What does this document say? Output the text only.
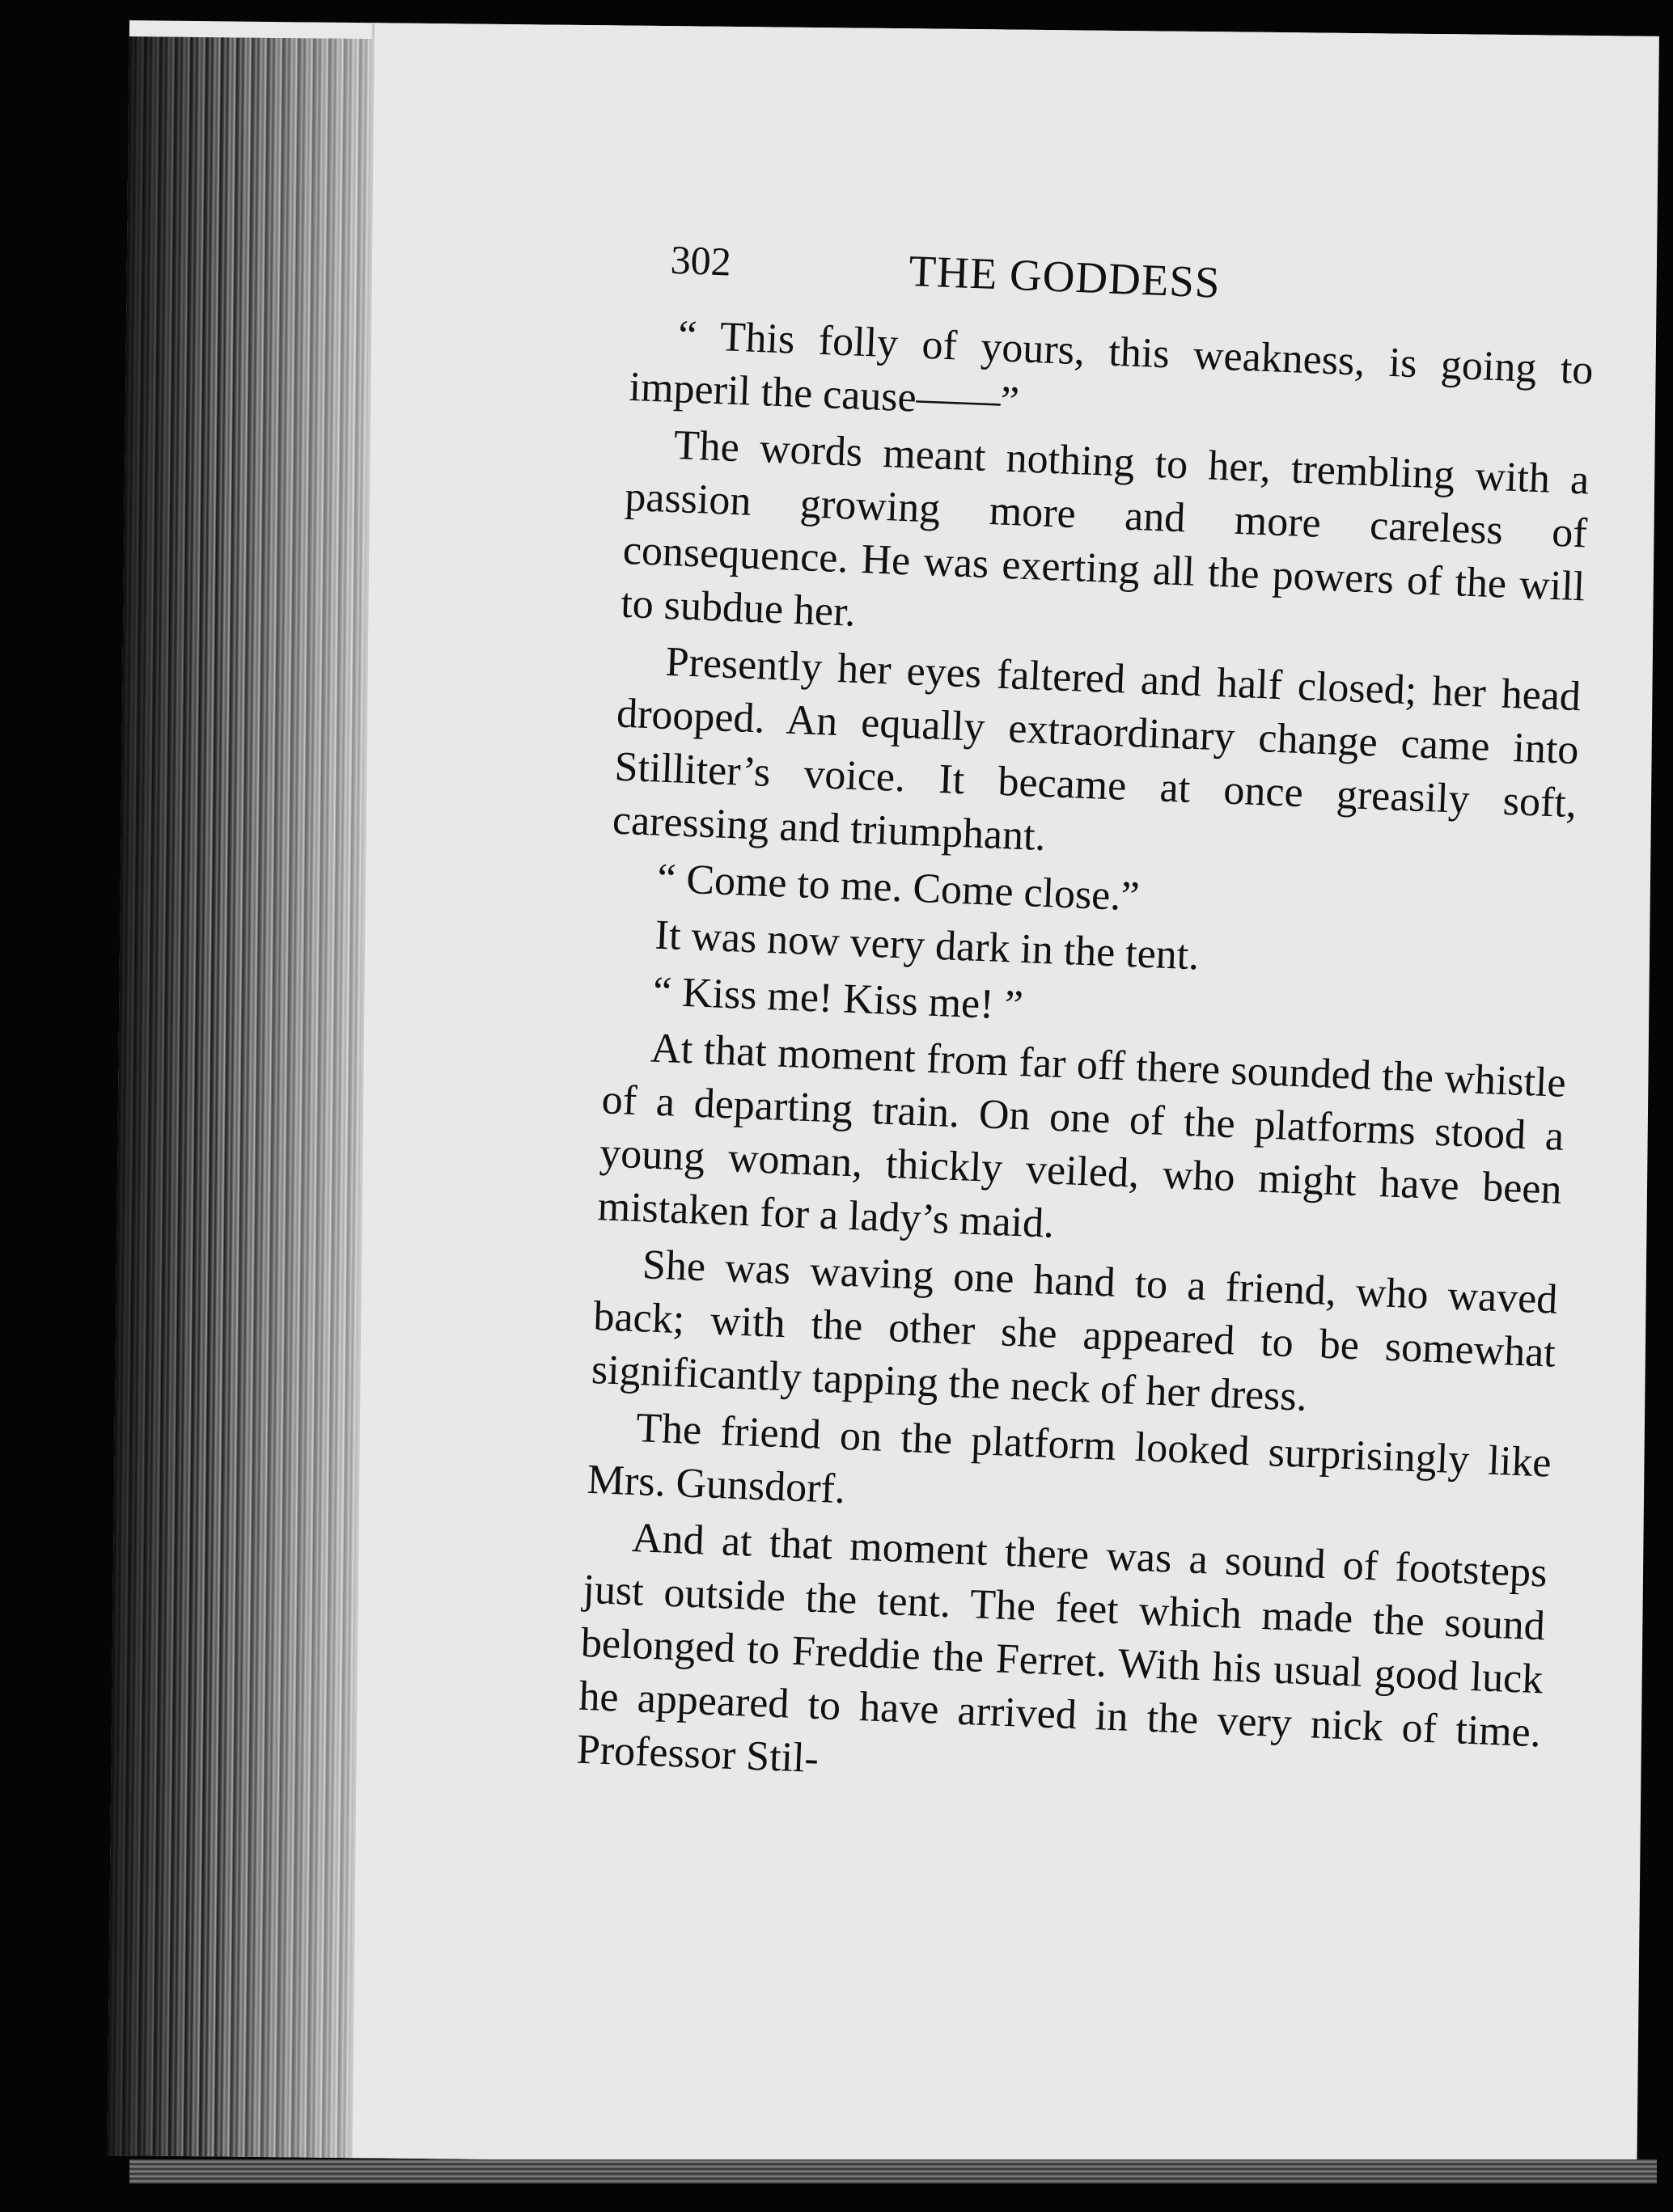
302	THE GODDESS

“ This folly of yours, this weakness, is going to imperil the cause——”

The words meant nothing to her, trembling with a passion growing more and more careless of consequence. He was exerting all the powers of the will to subdue her.

Presently her eyes faltered and half closed; her head drooped. An equally extraordinary change came into Stilliter’s voice. It became at once greasily soft, caressing and triumphant.

“ Come to me. Come close.”

It was now very dark in the tent.

“ Kiss me! Kiss me! ”

At that moment from far off there sounded the whistle of a departing train. On one of the platforms stood a young woman, thickly veiled, who might have been mistaken for a lady’s maid.

She was waving one hand to a friend, who waved back; with the other she appeared to be somewhat significantly tapping the neck of her dress.

The friend on the platform looked surprisingly like Mrs. Gunsdorf.

And at that moment there was a sound of footsteps just outside the tent. The feet which made the sound belonged to Freddie the Ferret. With his usual good luck he appeared to have arrived in the very nick of time. Professor Stil-
